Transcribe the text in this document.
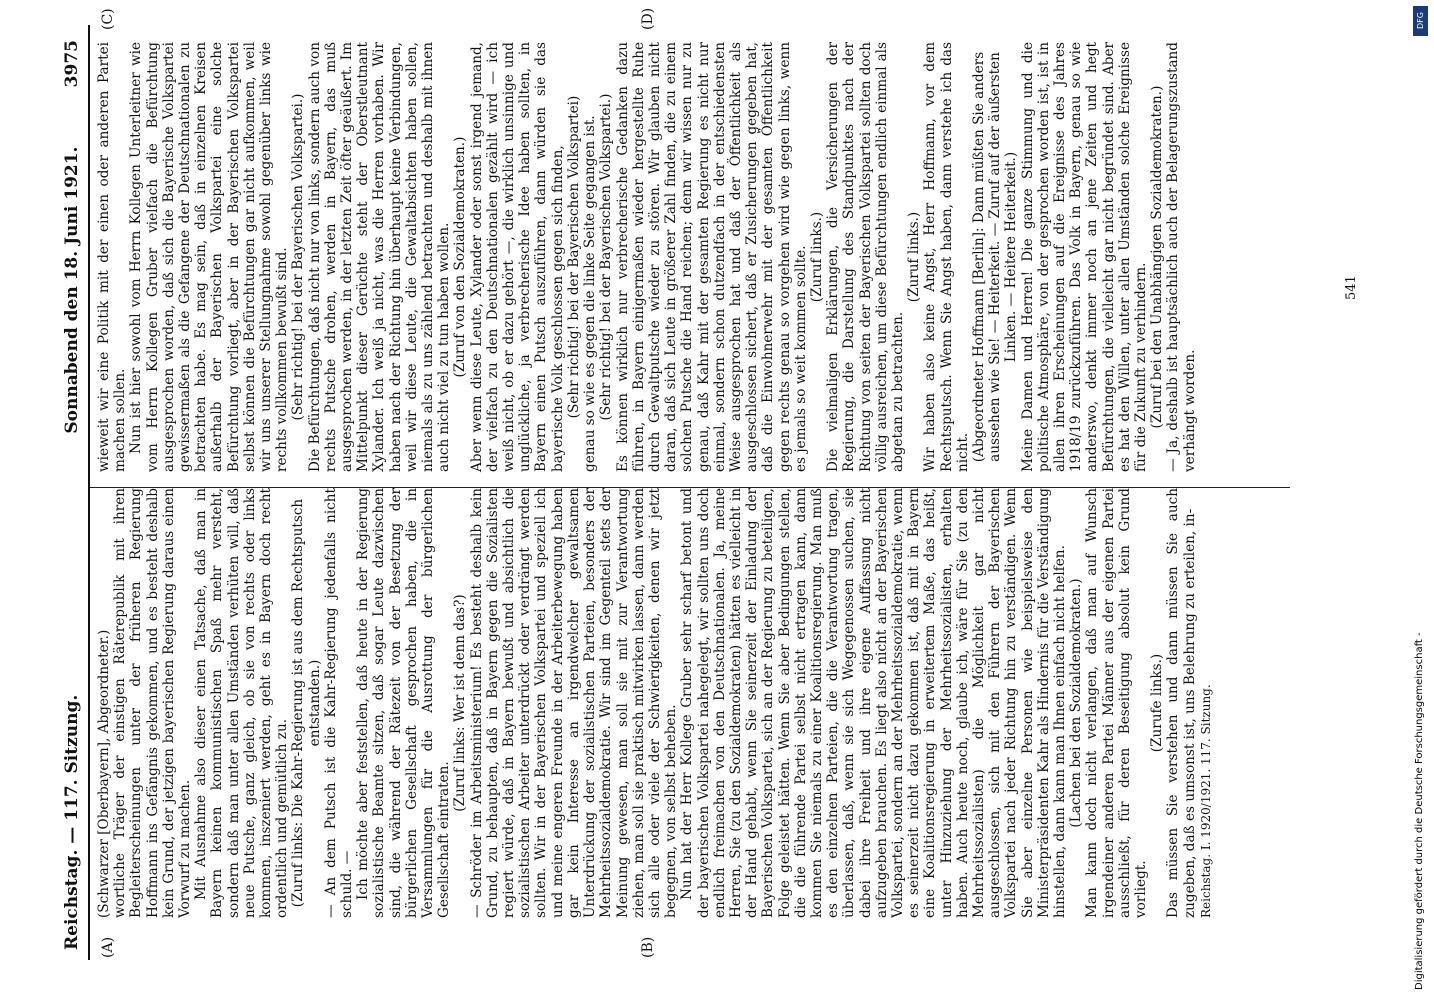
Reichstag. — 117. Sitzung.
Sonnabend den 18. Juni 1921.          3975
(A)	(B)
(C)	(D)

(Schwarzer [Oberbayern], Abgeordneter.) wortliche Träger der einstigen Räterepublik mit ihren Begleiterscheinungen unter der früheren Regierung Hoffmann ins Gefängnis gekommen, und es besteht deshalb kein Grund, der jetzigen bayerischen Regierung daraus einen Vorwurf zu machen. Mit Ausnahme also dieser einen Tatsache, daß man in Bayern keinen kommunistischen Spaß mehr versteht, sondern daß man unter allen Umständen verhüten will, daß neue Putsche, ganz gleich, ob sie von rechts oder links kommen, inszeniert werden, geht es in Bayern doch recht ordentlich und gemütlich zu. (Zuruf links: Die Kahr-Regierung ist aus dem Rechtsputsch entstanden.) — An dem Putsch ist die Kahr-Regierung jedenfalls nicht schuld. — Ich möchte aber feststellen, daß heute in der Regierung sozialistische Beamte sitzen, daß sogar Leute dazwischen sind, die während der Rätezeit von der Besetzung der bürgerlichen Gesellschaft gesprochen haben, die in Versammlungen für die Ausrottung der bürgerlichen Gesellschaft eintraten.

(Zuruf links: Wer ist denn das?) — Schröder im Arbeitsministerium! Es besteht deshalb kein Grund, zu behaupten, daß in Bayern gegen die Sozialisten regiert würde, daß in Bayern bewußt und absichtlich die sozialistischen Arbeiter unterdrückt oder verdrängt werden sollten. Wir in der Bayerischen Volkspartei und speziell ich und meine engeren Freunde in der Arbeiterbewegung haben gar kein Interesse an irgendwelcher gewaltsamen Unterdrückung der sozialistischen Parteien, besonders der Mehrheitssozialdemokratie. Wir sind im Gegenteil stets der Meinung gewesen, man soll sie mit zur Verantwortung ziehen, man soll sie praktisch mitwirken lassen, dann werden sich alle oder viele der Schwierigkeiten, denen wir jetzt begegnen, von selbst beheben. Nun hat der Herr Kollege Gruber sehr scharf betont und der bayerischen Volkspartei nahegelegt, wir sollten uns doch endlich freimachen von den Deutschnationalen. Ja, meine Herren, Sie (zu den Sozialdemokraten) hätten es vielleicht in der Hand gehabt, wenn Sie seinerzeit der Einladung der Bayerischen Volkspartei, sich an der Regierung zu beteiligen, Folge geleistet hätten. Wenn Sie aber Bedingungen stellen, die die führende Partei selbst nicht ertragen kann, dann kommen Sie niemals zu einer Koalitionsregierung. Man muß es den einzelnen Parteien, die die Verantwortung tragen, überlassen, daß, wenn sie sich Wegegenossen suchen, sie dabei ihre Freiheit und ihre eigene Auffassung nicht aufzugeben brauchen. Es liegt also nicht an der Bayerischen Volkspartei, sondern an der Mehrheitssozialdemokratie, wenn es seinerzeit nicht dazu gekommen ist, daß mit in Bayern eine Koalitionsregierung in erweitertem Maße, das heißt, unter Hinzuziehung der Mehrheitssozialisten, erhalten haben. Auch heute noch, glaube ich, wäre für Sie (zu den Mehrheitssozialisten) die Möglichkeit gar nicht ausgeschlossen, sich mit den Führern der Bayerischen Volkspartei nach jeder Richtung hin zu verständigen. Wenn Sie aber einzelne Personen wie beispielsweise den Ministerpräsidenten Kahr als Hindernis für die Verständigung hinstellen, dann kann man Ihnen einfach nicht helfen. (Lachen bei den Sozialdemokraten.) Man kann doch nicht verlangen, daß man auf Wunsch irgendeiner anderen Partei Männer aus der eigenen Partei ausschließt, für deren Beseitigung absolut kein Grund vorliegt.

(Zurufe links.) Das müssen Sie verstehen und dann müssen Sie auch zugeben, daß es umsonst ist, uns Belehrung zu erteilen, in- Reichstag. I. 1920/1921. 117. Sitzung.

wieweit wir eine Politik mit der einen oder anderen Partei machen sollen. Nun ist hier sowohl vom Herrn Kollegen Unterleitner wie vom Herrn Kollegen Gruber vielfach die Befürchtung ausgesprochen worden, daß sich die Bayerische Volkspartei gewissermaßen als die Gefangene der Deutschnationalen zu betrachten habe. Es mag sein, daß in einzelnen Kreisen außerhalb der Bayerischen Volkspartei eine solche Befürchtung vorliegt, aber in der Bayerischen Volkspartei selbst können die Befürchtungen gar nicht aufkommen, weil wir uns unserer Stellungnahme sowohl gegenüber links wie rechts vollkommen bewußt sind. (Sehr richtig! bei der Bayerischen Volkspartei.) Die Befürchtungen, daß nicht nur von links, sondern auch von rechts Putsche drohen, werden in Bayern, das muß ausgesprochen werden, in der letzten Zeit öfter geäußert. Im Mittelpunkt dieser Gerüchte steht der Oberstleutnant Xylander. Ich weiß ja nicht, was die Herren vorhaben. Wir haben nach der Richtung hin überhaupt keine Verbindungen, weil wir diese Leute, die Gewaltabsichten haben sollen, niemals als zu uns zählend betrachten und deshalb mit ihnen auch nicht viel zu tun haben wollen. (Zuruf von den Sozialdemokraten.) Aber wenn diese Leute, Xylander oder sonst irgend jemand, der vielfach zu den Deutschnationalen gezählt wird — ich weiß nicht, ob er dazu gehört —, die wirklich unsinnige und unglückliche, ja verbrecherische Idee haben sollten, in Bayern einen Putsch auszuführen, dann würden sie das bayerische Volk geschlossen gegen sich finden, (Sehr richtig! bei der Bayerischen Volkspartei) genau so wie es gegen die linke Seite gegangen ist. (Sehr richtig! bei der Bayerischen Volkspartei.) Es können wirklich nur verbrecherische Gedanken dazu führen, in Bayern einigermaßen wieder hergestellte Ruhe durch Gewaltputsche wieder zu stören. Wir glauben nicht daran, daß sich Leute in größerer Zahl finden, die zu einem solchen Putsche die Hand reichen; denn wir wissen nur zu genau, daß Kahr mit der gesamten Regierung es nicht nur einmal, sondern schon dutzendfach in der entschiedensten Weise ausgesprochen hat und daß der Öffentlichkeit als ausgeschlossen sichert, daß er Zusicherungen gegeben hat, daß die Einwohnerwehr mit der gesamten Öffentlichkeit gegen rechts genau so vorgehen wird wie gegen links, wenn es jemals so weit kommen sollte. (Zuruf links.) Die vielmaligen Erklärungen, die Versicherungen der Regierung, die Darstellung des Standpunktes nach der Richtung von seiten der Bayerischen Volkspartei sollten doch völlig ausreichen, um diese Befürchtungen endlich einmal als abgetan zu betrachten.

(Zuruf links.) Wir haben also keine Angst, Herr Hoffmann, vor dem Rechtsputsch. Wenn Sie Angst haben, dann verstehe ich das nicht. (Abgeordneter Hoffmann [Berlin]: Dann müßten Sie anders aussehen wie Sie! — Heiterkeit. — Zuruf auf der äußersten Linken. — Heitere Heiterkeit.) Meine Damen und Herren! Die ganze Stimmung und die politische Atmosphäre, von der gesprochen worden ist, ist in allen ihren Erscheinungen auf die Ereignisse des Jahres 1918/19 zurückzuführen. Das Volk in Bayern, genau so wie anderswo, denkt immer noch an jene Zeiten und hegt Befürchtungen, die vielleicht gar nicht begründet sind. Aber es hat den Willen, unter allen Umständen solche Ereignisse für die Zukunft zu verhindern. (Zuruf bei den Unabhängigen Sozialdemokraten.) — Ja, deshalb ist hauptsächlich auch der Belagerungszustand verhängt worden.

541
DFG
Digitalisierung gefördert durch die Deutsche Forschungsgemeinschaft -
